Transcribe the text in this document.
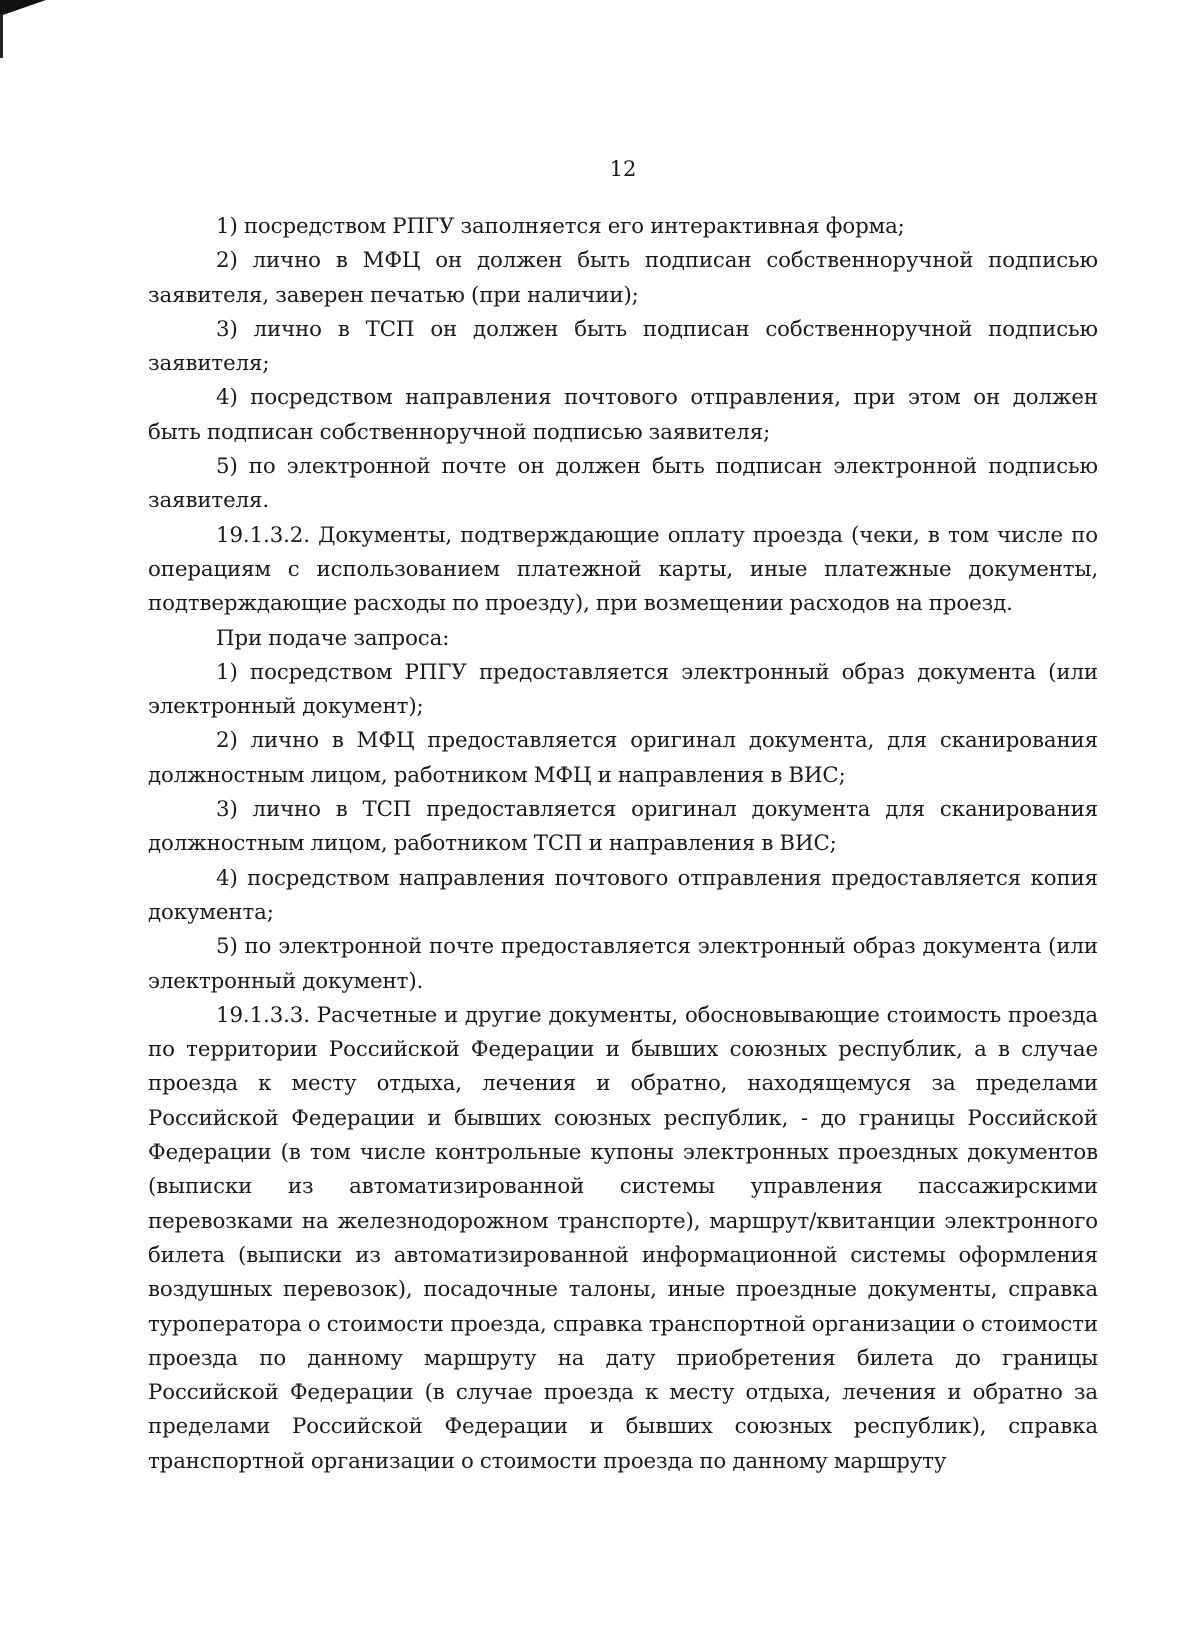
12

1) посредством РПГУ заполняется его интерактивная форма;

2) лично в МФЦ он должен быть подписан собственноручной подписью заявителя, заверен печатью (при наличии);

3) лично в ТСП он должен быть подписан собственноручной подписью заявителя;

4) посредством направления почтового отправления, при этом он должен быть подписан собственноручной подписью заявителя;

5) по электронной почте он должен быть подписан электронной подписью заявителя.

19.1.3.2. Документы, подтверждающие оплату проезда (чеки, в том числе по операциям с использованием платежной карты, иные платежные документы, подтверждающие расходы по проезду), при возмещении расходов на проезд.

При подаче запроса:

1) посредством РПГУ предоставляется электронный образ документа (или электронный документ);

2) лично в МФЦ предоставляется оригинал документа, для сканирования должностным лицом, работником МФЦ и направления в ВИС;

3) лично в ТСП предоставляется оригинал документа для сканирования должностным лицом, работником ТСП и направления в ВИС;

4) посредством направления почтового отправления предоставляется копия документа;

5) по электронной почте предоставляется электронный образ документа (или электронный документ).

19.1.3.3. Расчетные и другие документы, обосновывающие стоимость проезда по территории Российской Федерации и бывших союзных республик, а в случае проезда к месту отдыха, лечения и обратно, находящемуся за пределами Российской Федерации и бывших союзных республик, - до границы Российской Федерации (в том числе контрольные купоны электронных проездных документов (выписки из автоматизированной системы управления пассажирскими перевозками на железнодорожном транспорте), маршрут/квитанции электронного билета (выписки из автоматизированной информационной системы оформления воздушных перевозок), посадочные талоны, иные проездные документы, справка туроператора о стоимости проезда, справка транспортной организации о стоимости проезда по данному маршруту на дату приобретения билета до границы Российской Федерации (в случае проезда к месту отдыха, лечения и обратно за пределами Российской Федерации и бывших союзных республик), справка транспортной организации о стоимости проезда по данному маршруту
